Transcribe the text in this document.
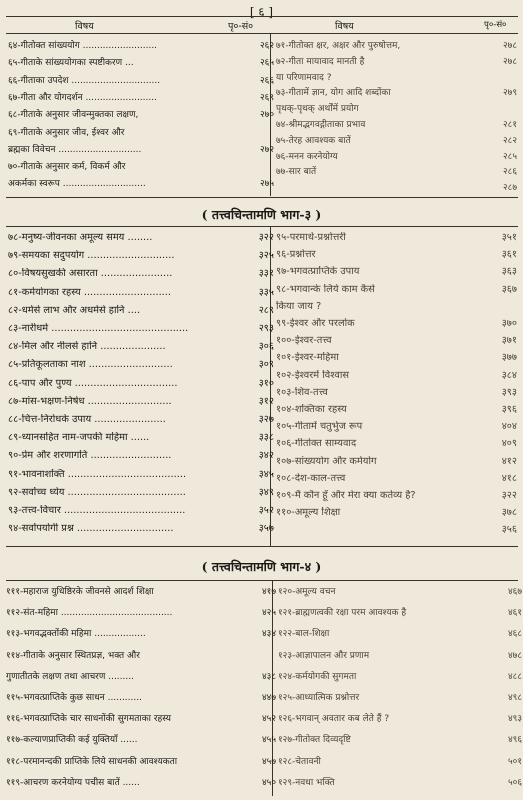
[ ६ ]
विषय	पृ०-सं०	विषय	पृ०-सं०
६४-गीतोक्त सांख्ययोग ..........................	२६२
६५-गीताके सांख्ययोगका स्पष्टीकरण ...	२६५
६६-गीताका उपदेश ...............................	२६६
६७-गीता और योगदर्शन .........................	२६९
६८-गीताके अनुसार जीवन्मुक्तका लक्षण,	२७०
६९-गीताके अनुसार जीव, ईश्वर और
ब्रह्मका विवेचन .............................	२७२
७०-गीताके अनुसार कर्म, विकर्म और
अकर्मका स्वरूप .............................	२७५
७१-गीतोक्त क्षर, अक्षर और पुरुषोत्तम,	२७८
७२-गीता मायावाद मानती है	२७८
या परिणामवाद ?
७३-गीतामें ज्ञान, योग आदि शब्दोंका	२७९
पृथक्-पृथक् अर्थोंमें प्रयोग
७४-श्रीमद्भगवद्गीताका प्रभाव	२८१
७५-तेरह आवश्यक बातें	२८२
७६-मनन करनेयोग्य	२८५
७७-सार बातें	२८६
२८७
( तत्त्वचिन्तामणि भाग-३ )
७८-मनुष्य-जीवनका अमूल्य समय ........	३२२
७९-समयका सदुपयोग ............................	३२५
८०-विषयसुखकी असारता .......................	३३१
८१-कर्मयोगका रहस्य ............................	३३५
८२-धर्मसे लाभ और अधर्मसे हानि ....	२८९
८३-नारीधर्म ............................................	२९३
८४-मिल और नीलसे हानि .....................	३०६
८५-प्रतिकूलताका नाश ...........................	३०९
८६-पाप और पुण्य .................................	३१०
८७-मांस-भक्षण-निषेध ...........................	३१२
८८-चित्त-निरोधके उपाय .......................	३२७
८९-ध्यानसहित नाम-जपकी महिमा ......	३३८
९०-प्रेम और शरणागति ..........................	३४२
९१-भावनाशक्ति ......................................	३४५
९२-सर्वोच्च ध्येय ......................................	३४९
९३-तत्त्व-विचार .......................................	३५२
९४-सर्वोपयोगी प्रश्न ...............................	३५७
९५-परमार्थ-प्रश्नोत्तरी	३५१
९६-प्रश्नोत्तर	३६१
९७-भगवत्प्राप्तिके उपाय	३६३
९८-भगवान्के लिये काम कैसे	३६७
किया जाय ?
९९-ईश्वर और परलोक	३७०
१००-ईश्वर-तत्त्व	३७१
१०१-ईश्वर-महिमा	३७७
१०२-ईश्वरमें विश्वास	३८४
१०३-शिव-तत्त्व	३९३
१०४-शक्तिका रहस्य	३९६
१०५-गीतामें चतुर्भुज रूप	४०४
१०६-गीतोक्त साम्यवाद	४०९
१०७-सांख्ययोग और कर्मयोग	४१२
१०८-देश-काल-तत्त्व	४१८
१०९-मैं कौन हूँ और मेरा क्या कर्तव्य है?	३२२
११०-अमूल्य शिक्षा	३७८
३५६
( तत्त्वचिन्तामणि भाग-४ )
१११-महाराज युधिष्ठिरके जीवनसे आदर्श शिक्षा	४१७
११२-संत-महिमा .......................................	४२५
११३-भगवद्भक्तोंकी महिमा ..................	४३४
११४-गीताके अनुसार स्थितप्रज्ञ, भक्त और
गुणातीतके लक्षण तथा आचरण .........	४३८
११५-भगवत्प्राप्तिके कुछ साधन ............	४४७
११६-भगवत्प्राप्तिके चार साधनोंकी सुगमताका रहस्य	४५२
११७-कल्याणप्राप्तिकी कई युक्तियाँ ......	४५५
११८-परमानन्दकी प्राप्तिके लिये साधनकी आवश्यकता	४५७
११९-आचरण करनेयोग्य पचीस बातें ......	४५०
१२०-अमूल्य वचन	४६७
१२१-ब्राह्मणत्वकी रक्षा परम आवश्यक है	४६१
१२२-बाल-शिक्षा	४६८
१२३-आज्ञापालन और प्रणाम	४७८
१२४-कर्मयोगकी सुगमता	४८८
१२५-आध्यात्मिक प्रश्नोत्तर	४९८
१२६-भगवान् अवतार कब लेते हैं ?	४९३
१२७-गीतोक्त दिव्यदृष्टि	४९६
१२८-चेतावनी	५०१
१२९-नवधा भक्ति	५०६
